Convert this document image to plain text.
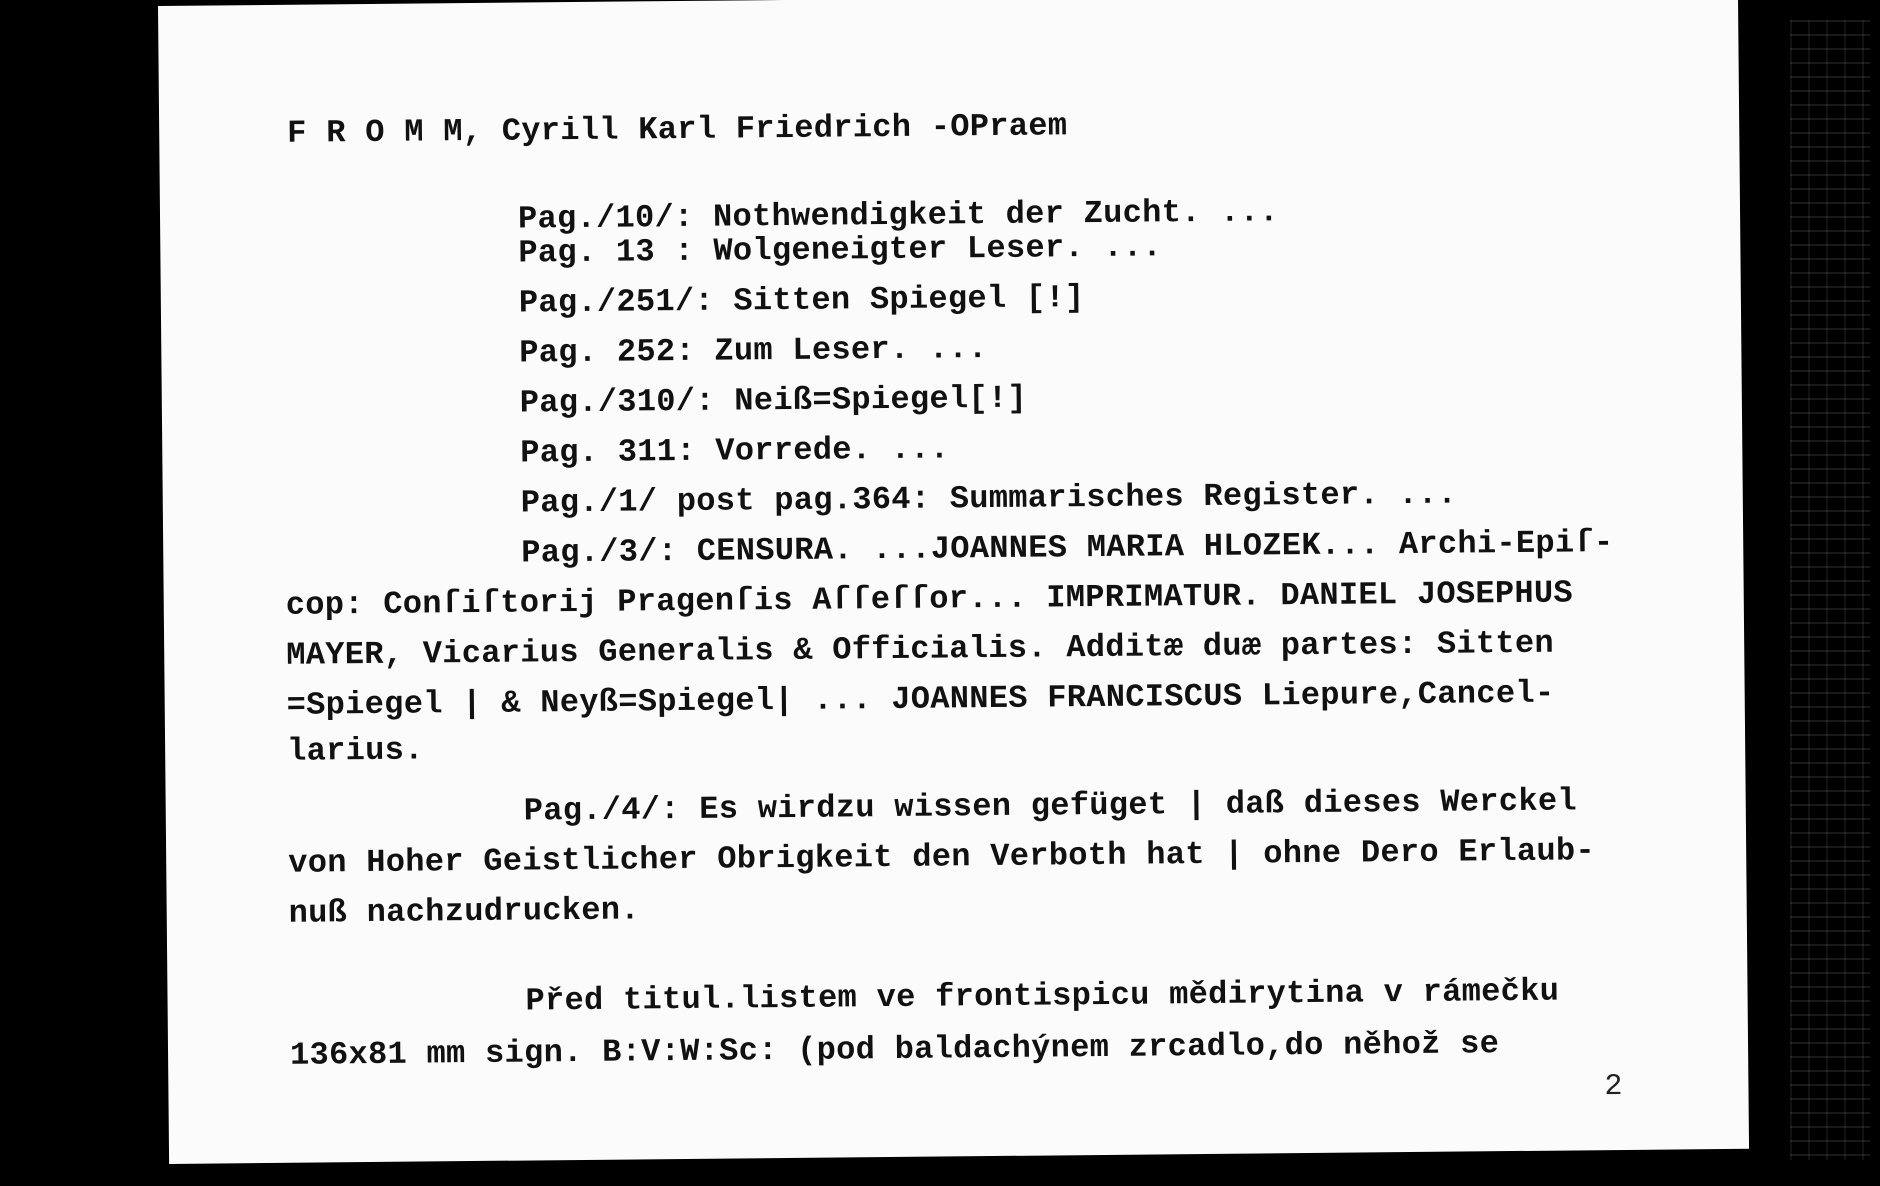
F R O M M, Cyrill Karl Friedrich -OPraem
Pag./10/: Nothwendigkeit der Zucht. ...
Pag. 13 : Wolgeneigter Leser. ...
Pag./251/: Sitten Spiegel [!]
Pag. 252: Zum Leser. ...
Pag./310/: Neiß=Spiegel[!]
Pag. 311: Vorrede. ...
Pag./1/ post pag.364: Summarisches Register. ...
Pag./3/: CENSURA. ...JOANNES MARIA HLOZEK... Archi-Epiſ-
cop: Conſiſtorij Pragenſis Aſſeſſor... IMPRIMATUR. DANIEL JOSEPHUS
MAYER, Vicarius Generalis & Officialis. Additæ duæ partes: Sitten
=Spiegel | & Neyß=Spiegel| ... JOANNES FRANCISCUS Liepure,Cancel-
larius.
Pag./4/: Es wirdzu wissen gefüget | daß dieses Werckel
von Hoher Geistlicher Obrigkeit den Verboth hat | ohne Dero Erlaub-
nuß nachzudrucken.
Před titul.listem ve frontispicu mědirytina v rámečku
136x81 mm sign. B:V:W:Sc: (pod baldachýnem zrcadlo,do něhož se
2
